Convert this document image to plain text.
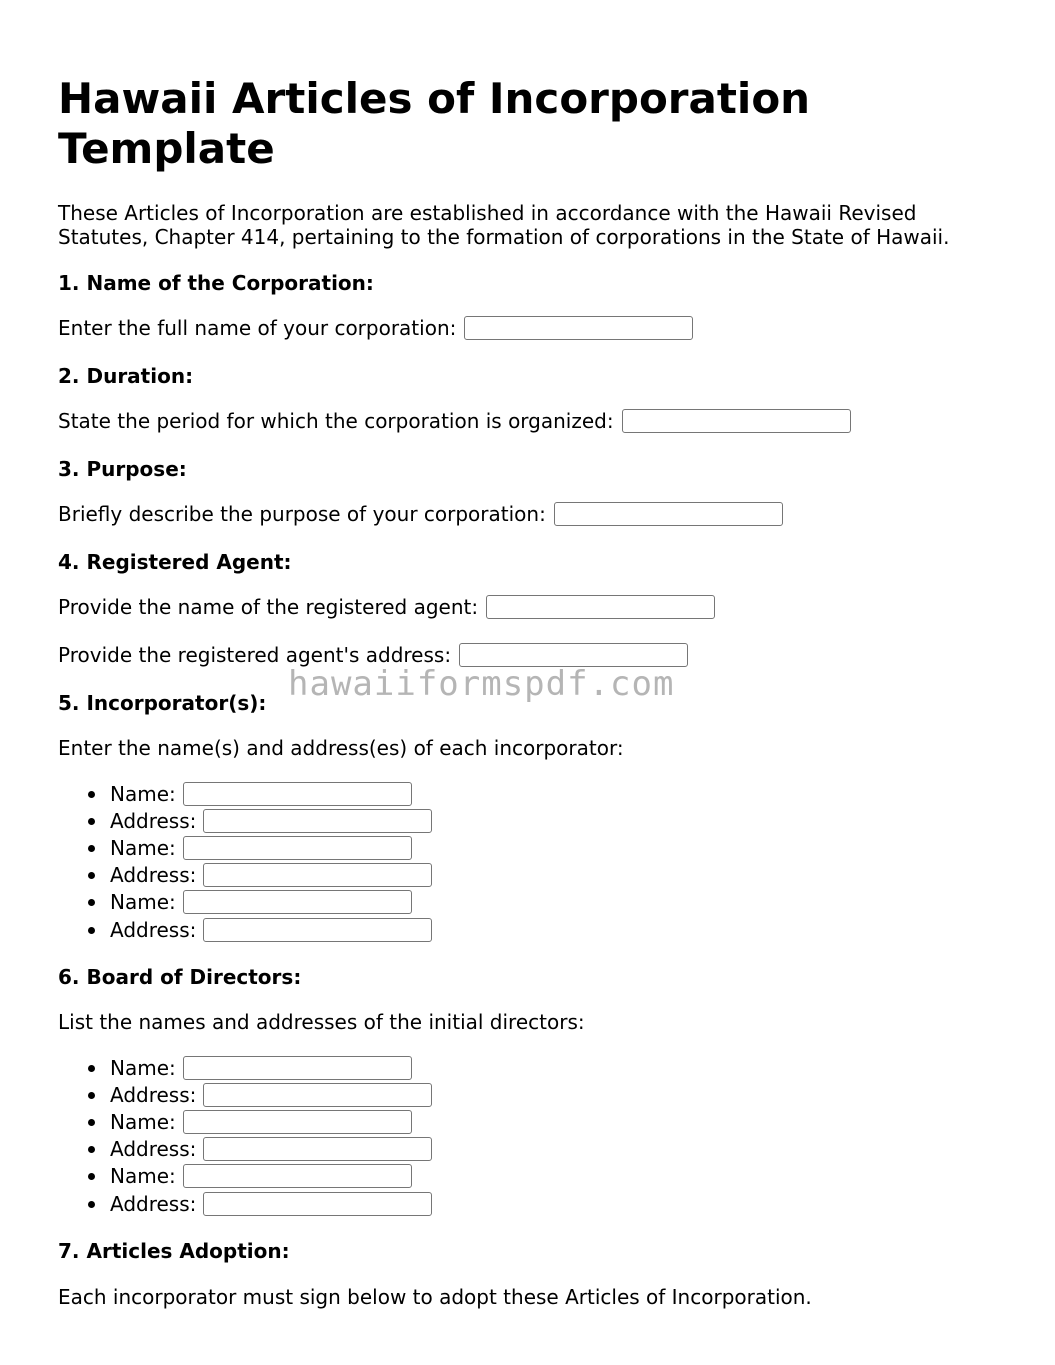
Hawaii Articles of Incorporation Template

These Articles of Incorporation are established in accordance with the Hawaii Revised Statutes, Chapter 414, pertaining to the formation of corporations in the State of Hawaii.

1. Name of the Corporation:

Enter the full name of your corporation:

2. Duration:

State the period for which the corporation is organized:

3. Purpose:

Briefly describe the purpose of your corporation:

4. Registered Agent:

Provide the name of the registered agent:
Provide the registered agent's address:

5. Incorporator(s):

Enter the name(s) and address(es) of each incorporator:
Name:
Address:
Name:
Address:
Name:
Address:

6. Board of Directors:

List the names and addresses of the initial directors:
Name:
Address:
Name:
Address:
Name:
Address:

7. Articles Adoption:

Each incorporator must sign below to adopt these Articles of Incorporation.
hawaiiformspdf.com
